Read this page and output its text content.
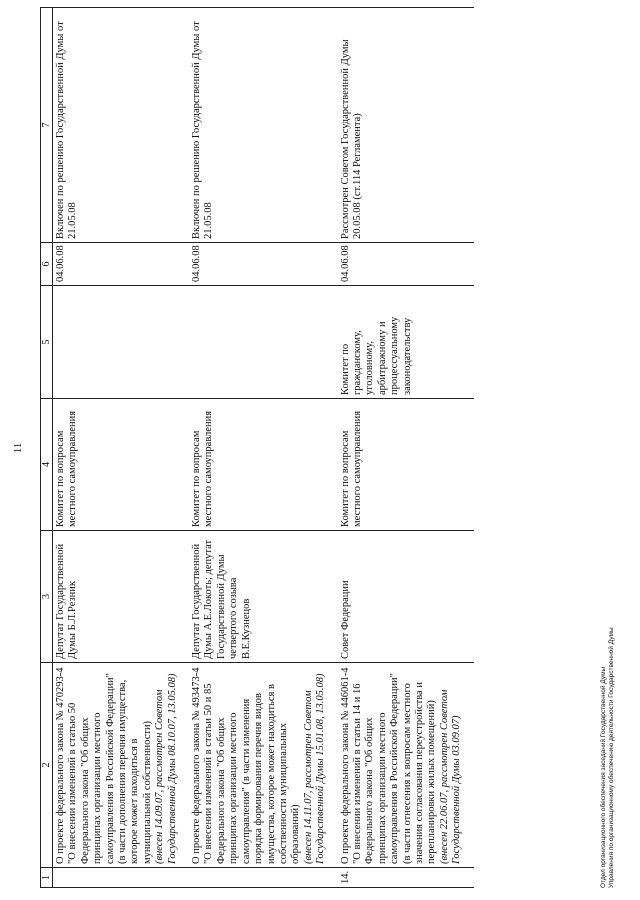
11
1	2	3	4	5	6	7

	О проекте федерального закона № 470293-4 "О внесении изменений в статью 50 Федерального закона "Об общих принципах организации местного самоуправления в Российской Федерации" (в части дополнения перечня имущества, которое может находиться в муниципальной собственности) (внесен 14.09.07, рассмотрен Советом Государственной Думы 08.10.07, 13.05.08)	Депутат Государственной Думы Б.Л.Резник	Комитет по вопросам местного самоуправления		04.06.08	Включен по решению Государственной Думы от 21.05.08

	О проекте федерального закона № 493473-4 "О внесении изменений в статьи 50 и 85 Федерального закона "Об общих принципах организации местного самоуправления" (в части изменения порядка формирования перечня видов имущества, которое может находиться в собственности муниципальных образований) (внесен 14.11.07, рассмотрен Советом Государственной Думы 15.01.08, 13.05.08)	Депутат Государственной Думы А.Е.Локоть; депутат Государственной Думы четвертого созыва В.Е.Кузнецов	Комитет по вопросам местного самоуправления		04.06.08	Включен по решению Государственной Думы от 21.05.08
14.	О проекте федерального закона № 446061-4 "О внесении изменений в статьи 14 и 16 Федерального закона "Об общих принципах организации местного самоуправления в Российской Федерации" (в части отнесения к вопросам местного значения согласования переустройства и перепланировки жилых помещений) (внесен 22.06.07, рассмотрен Советом Государственной Думы 03.09.07)	Совет Федерации	Комитет по вопросам местного самоуправления	Комитет по гражданскому, уголовному, арбитражному и процессуальному законодательству	04.06.08	Рассмотрен Советом Государственной Думы 20.05.08 (ст.114 Регламента)
Отдел организационного обеспечения заседаний Государственной Думы Управления по организационному обеспечению деятельности Государственной Думы
